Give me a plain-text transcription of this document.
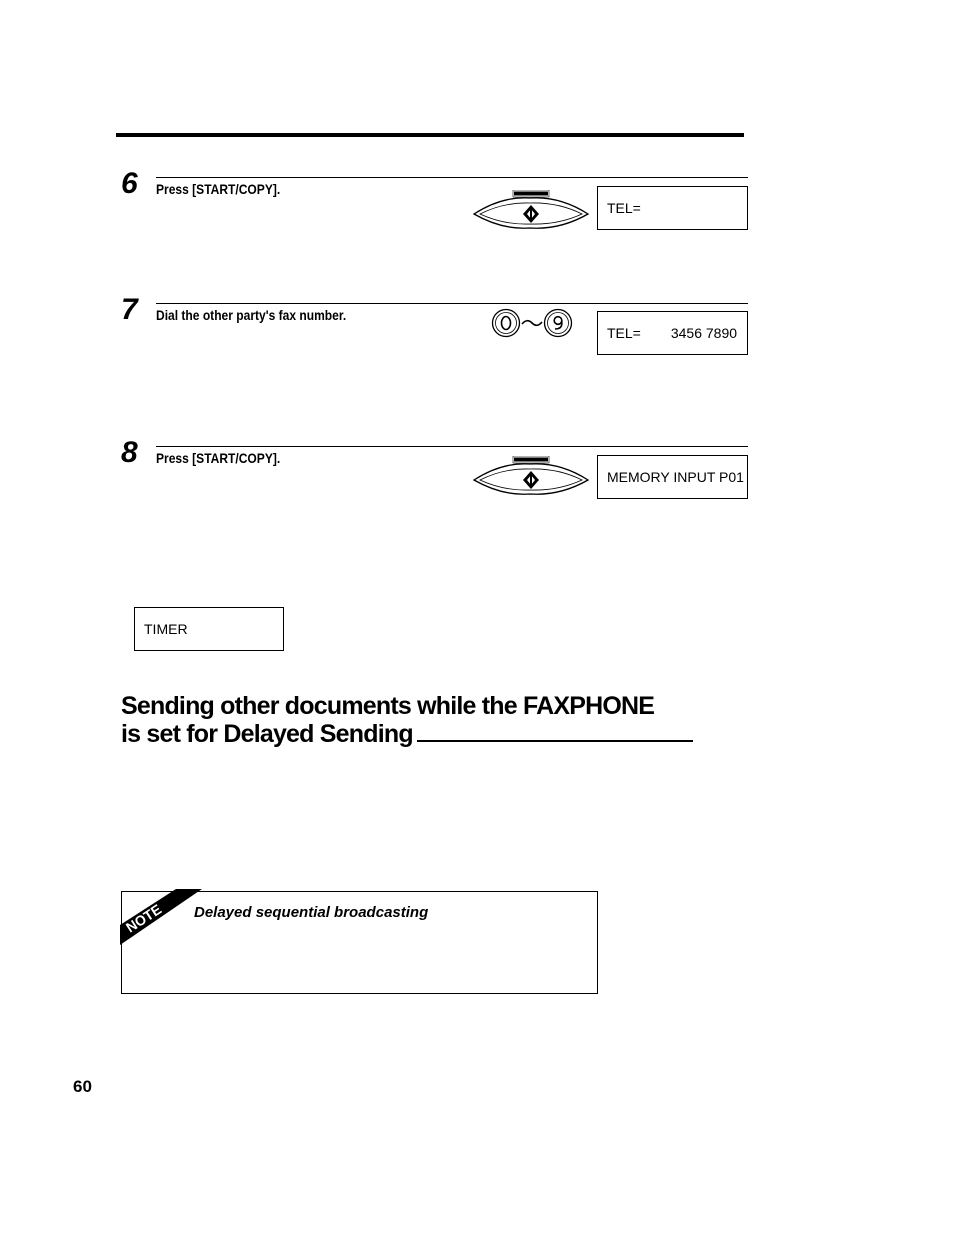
6 Press [START/COPY].
TEL=
7 Dial the other party's fax number.
TEL= 3456 7890
8 Press [START/COPY].
MEMORY INPUT P01
TIMER
Sending other documents while the FAXPHONE
is set for Delayed Sending
Delayed sequential broadcasting
NOTE
60
